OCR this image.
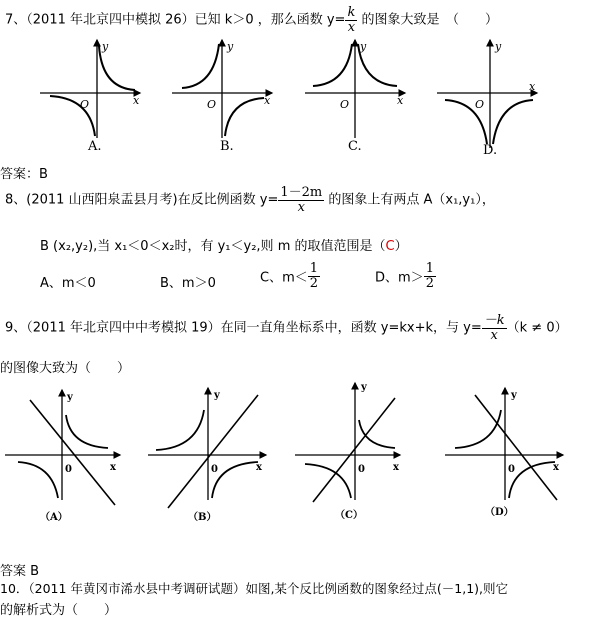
7、（2011 年北京四中模拟 26）已知 k＞0 ，那么函数 $y= \frac{k}{x}$ 的图象大致是　（　　）
O	x
y
O	x
y
O	x
y
O
x
y
A.	B.	C.	D.
答案：B
8、(2011 山西阳泉盂县月考)在反比例函数 $y= \frac{1-2m}{x}$ 的图象上有两点 A（x₁,y₁），
B (x₂,y₂),当 x₁＜0＜x₂时，有 y₁＜y₂,则 m 的取值范围是（C）
A、m＜0	B、m＞0	C、$m< \frac{1}{2}$	D、$m> \frac{1}{2}$
9、（2011 年北京四中中考模拟 19）在同一直角坐标系中，函数 y=kx+k，与 $y= \frac{-k}{x} (k \ne 0)$
的图像大致为（　　）
0	x
y
0	x
y
0	x
y
0	x
y
（A）	（B）	（C）	（D）
答案 B
10．（2011 年黄冈市浠水县中考调研试题）如图,某个反比例函数的图象经过点(－1,1),则它
的解析式为（　　）
